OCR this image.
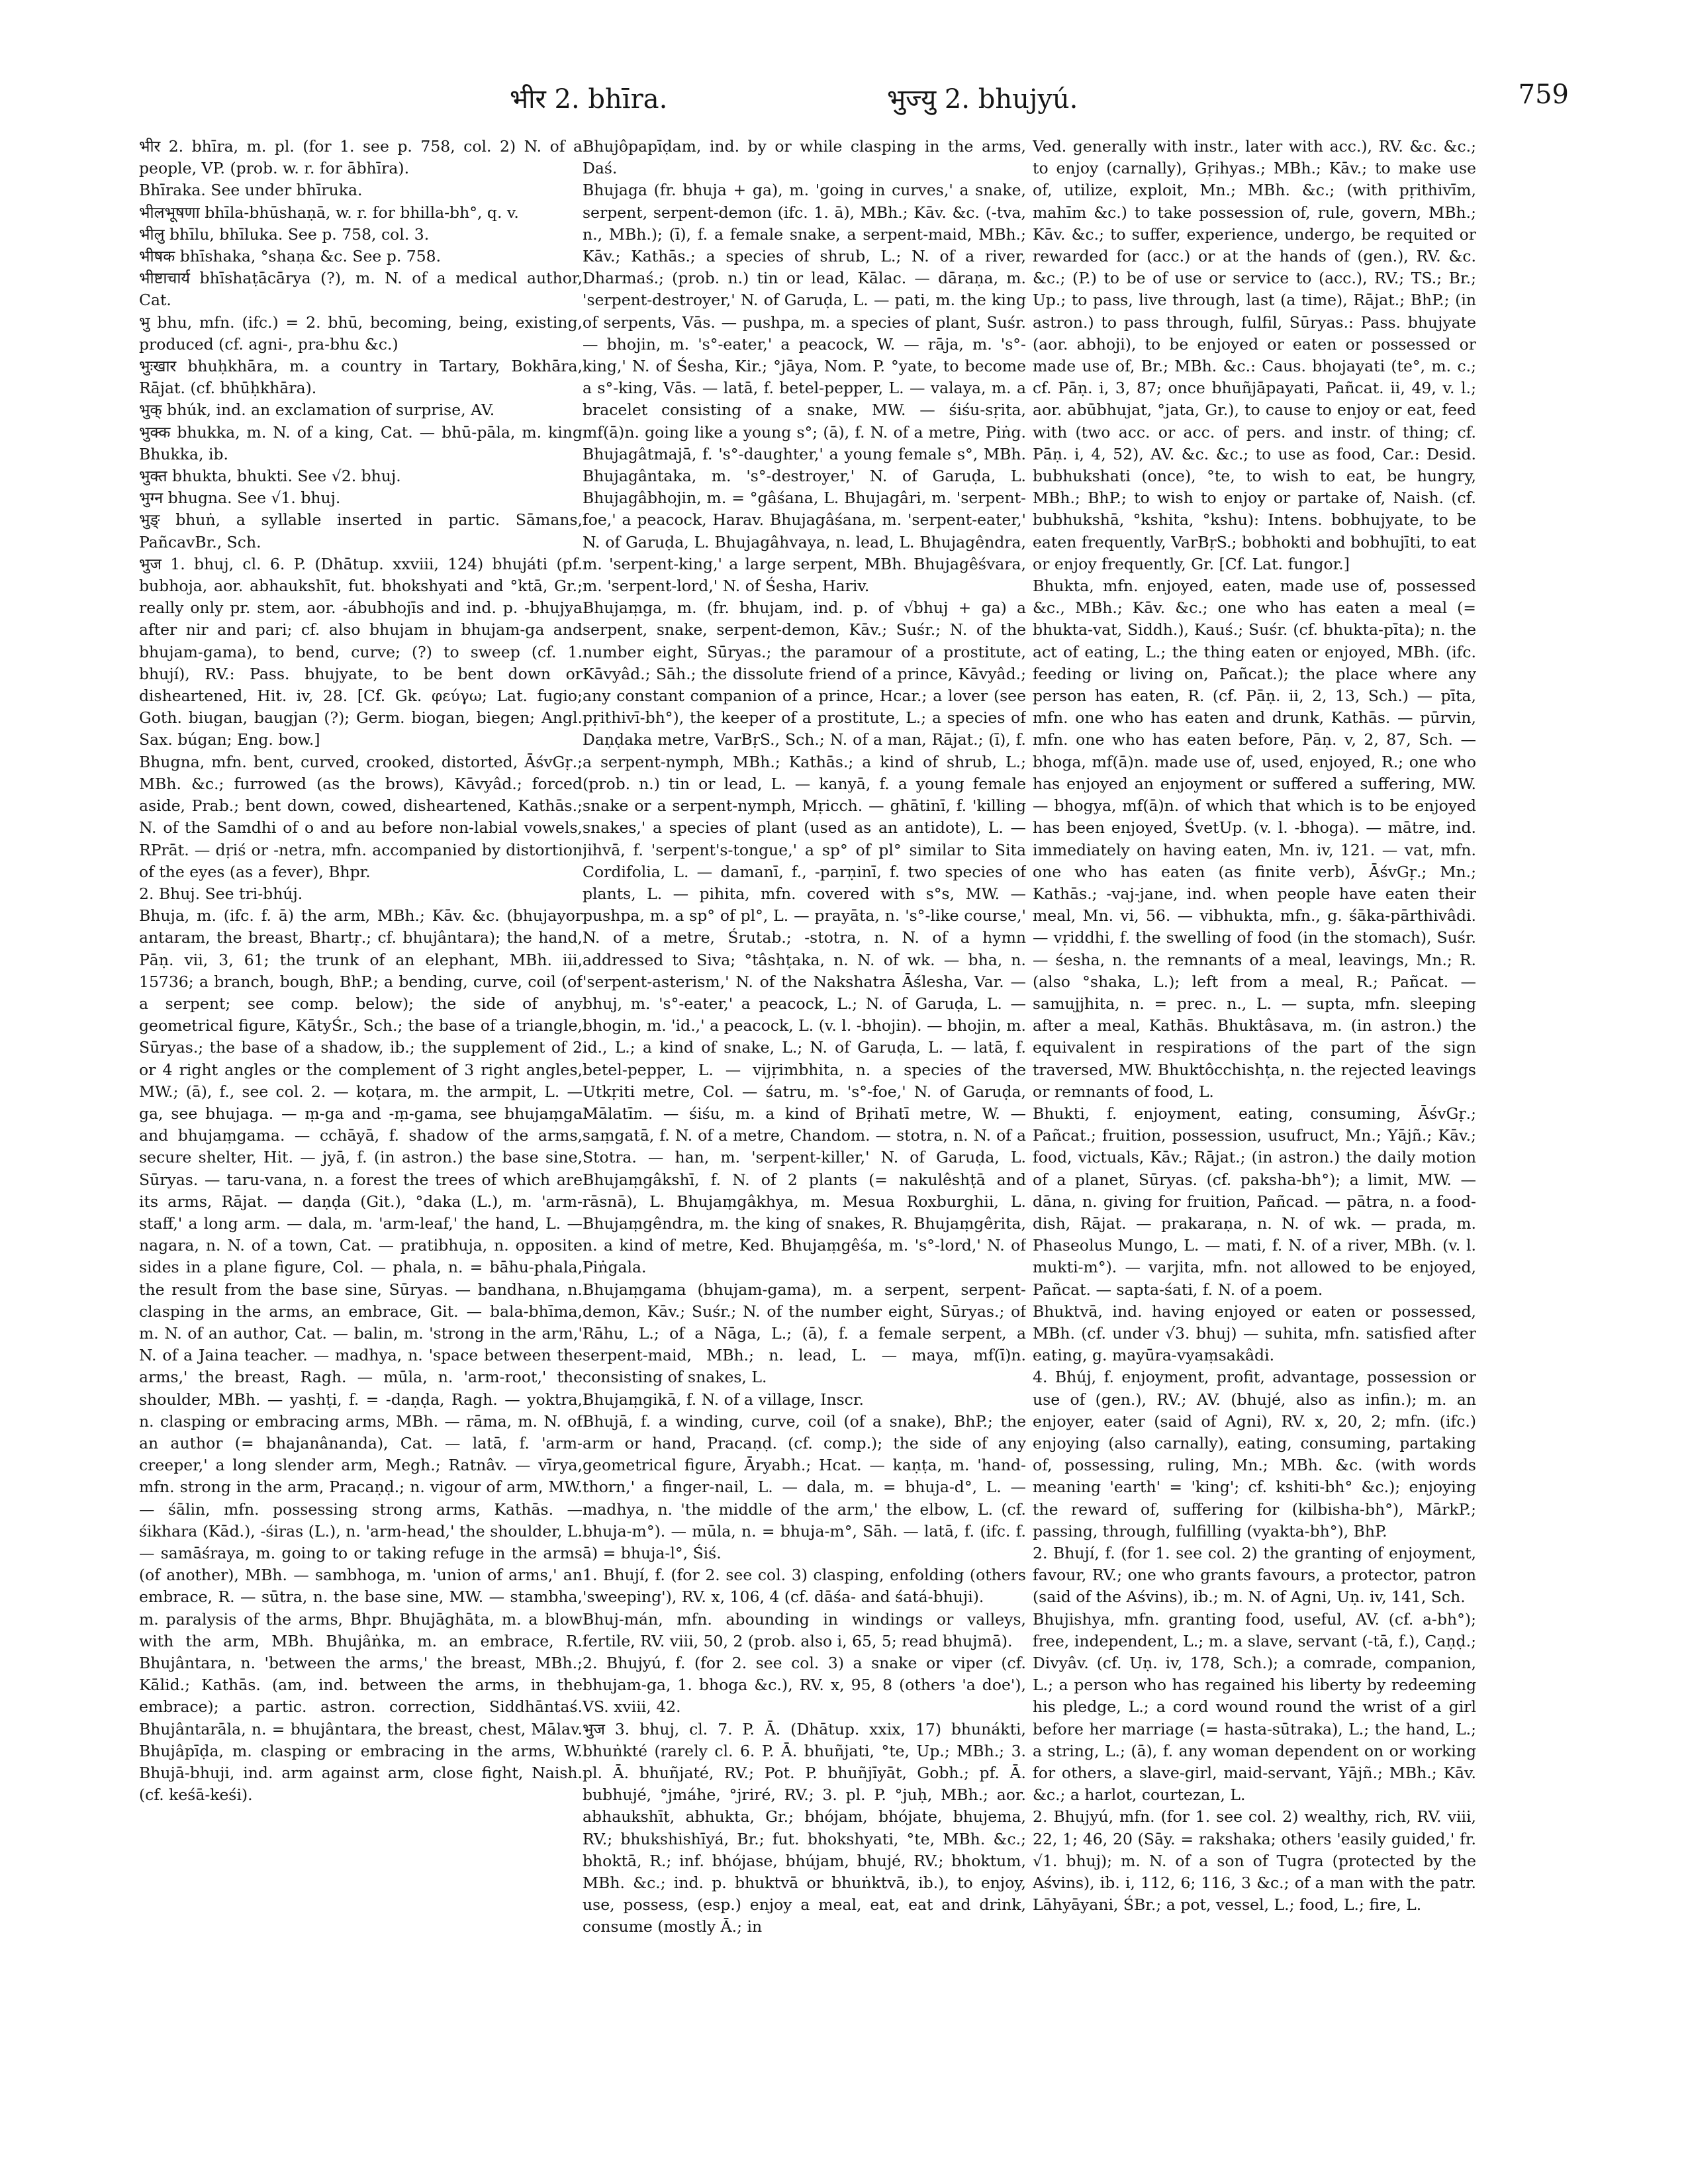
भीर 2. bhīra.	भुज्यु 2. bhujyú.	759

भीर 2. bhīra, m. pl. (for 1. see p. 758, col. 2) N. of a people, VP. (prob. w. r. for ābhīra).

Bhīraka. See under bhīruka.

भीलभूषणा bhīla-bhūshaṇā, w. r. for bhilla-bh°, q. v.

भीलु bhīlu, bhīluka. See p. 758, col. 3.

भीषक bhīshaka, °shaṇa &c. See p. 758.

भीष्टाचार्य bhīshaṭācārya (?), m. N. of a medical author, Cat.

भु bhu, mfn. (ifc.) = 2. bhū, becoming, being, existing, produced (cf. agni-, pra-bhu &c.)

भुःखार bhuḥkhāra, m. a country in Tartary, Bokhāra, Rājat. (cf. bhūḥkhāra).

भुक् bhúk, ind. an exclamation of surprise, AV.

भुक्क bhukka, m. N. of a king, Cat. — bhū-pāla, m. king Bhukka, ib.

भुक्त bhukta, bhukti. See √2. bhuj.

भुग्न bhugna. See √1. bhuj.

भुङ् bhuṅ, a syllable inserted in partic. Sāmans, PañcavBr., Sch.

भुज 1. bhuj, cl. 6. P. (Dhātup. xxviii, 124) bhujáti (pf. bubhoja, aor. abhaukshīt, fut. bhokshyati and °ktā, Gr.; really only pr. stem, aor. -ábubhojīs and ind. p. -bhujya after nir and pari; cf. also bhujam in bhujam-ga and bhujam-gama), to bend, curve; (?) to sweep (cf. 1. bhují), RV.: Pass. bhujyate, to be bent down or disheartened, Hit. iv, 28. [Cf. Gk. φεύγω; Lat. fugio; Goth. biugan, baugjan (?); Germ. biogan, biegen; Angl. Sax. búgan; Eng. bow.]

Bhugna, mfn. bent, curved, crooked, distorted, ĀśvGṛ.; MBh. &c.; furrowed (as the brows), Kāvyâd.; forced aside, Prab.; bent down, cowed, disheartened, Kathās.; N. of the Samdhi of o and au before non-labial vowels, RPrāt. — dṛiś or -netra, mfn. accompanied by distortion of the eyes (as a fever), Bhpr.

2. Bhuj. See tri-bhúj.

Bhuja, m. (ifc. f. ā) the arm, MBh.; Kāv. &c. (bhujayor antaram, the breast, Bhartṛ.; cf. bhujântara); the hand, Pāṇ. vii, 3, 61; the trunk of an elephant, MBh. iii, 15736; a branch, bough, BhP.; a bending, curve, coil (of a serpent; see comp. below); the side of any geometrical figure, KātyŚr., Sch.; the base of a triangle, Sūryas.; the base of a shadow, ib.; the supplement of 2 or 4 right angles or the complement of 3 right angles, MW.; (ā), f., see col. 2. — koṭara, m. the armpit, L. — ga, see bhujaga. — ṃ-ga and -ṃ-gama, see bhujaṃga and bhujaṃgama. — cchāyā, f. shadow of the arms, secure shelter, Hit. — jyā, f. (in astron.) the base sine, Sūryas. — taru-vana, n. a forest the trees of which are its arms, Rājat. — daṇḍa (Git.), °daka (L.), m. 'arm-staff,' a long arm. — dala, m. 'arm-leaf,' the hand, L. — nagara, n. N. of a town, Cat. — pratibhuja, n. opposite sides in a plane figure, Col. — phala, n. = bāhu-phala, the result from the base sine, Sūryas. — bandhana, n. clasping in the arms, an embrace, Git. — bala-bhīma, m. N. of an author, Cat. — balin, m. 'strong in the arm,' N. of a Jaina teacher. — madhya, n. 'space between the arms,' the breast, Ragh. — mūla, n. 'arm-root,' the shoulder, MBh. — yashṭi, f. = -daṇḍa, Ragh. — yoktra, n. clasping or embracing arms, MBh. — rāma, m. N. of an author (= bhajanânanda), Cat. — latā, f. 'arm-creeper,' a long slender arm, Megh.; Ratnâv. — vīrya, mfn. strong in the arm, Pracaṇḍ.; n. vigour of arm, MW. — śālin, mfn. possessing strong arms, Kathās. — śikhara (Kād.), -śiras (L.), n. 'arm-head,' the shoulder, L. — samāśraya, m. going to or taking refuge in the arms (of another), MBh. — sambhoga, m. 'union of arms,' an embrace, R. — sūtra, n. the base sine, MW. — stambha, m. paralysis of the arms, Bhpr. Bhujāghāta, m. a blow with the arm, MBh. Bhujâṅka, m. an embrace, R. Bhujântara, n. 'between the arms,' the breast, MBh.; Kālid.; Kathās. (am, ind. between the arms, in the embrace); a partic. astron. correction, Siddhāntaś. Bhujântarāla, n. = bhujântara, the breast, chest, Mālav. Bhujâpīḍa, m. clasping or embracing in the arms, W. Bhujā-bhuji, ind. arm against arm, close fight, Naish. (cf. keśā-keśi).

Bhujôpapīḍam, ind. by or while clasping in the arms, Daś.

Bhujaga (fr. bhuja + ga), m. 'going in curves,' a snake, serpent, serpent-demon (ifc. 1. ā), MBh.; Kāv. &c. (-tva, n., MBh.); (ī), f. a female snake, a serpent-maid, MBh.; Kāv.; Kathās.; a species of shrub, L.; N. of a river, Dharmaś.; (prob. n.) tin or lead, Kālac. — dāraṇa, m. 'serpent-destroyer,' N. of Garuḍa, L. — pati, m. the king of serpents, Vās. — pushpa, m. a species of plant, Suśr. — bhojin, m. 's°-eater,' a peacock, W. — rāja, m. 's°-king,' N. of Śesha, Kir.; °jāya, Nom. P. °yate, to become a s°-king, Vās. — latā, f. betel-pepper, L. — valaya, m. a bracelet consisting of a snake, MW. — śiśu-sṛita, mf(ā)n. going like a young s°; (ā), f. N. of a metre, Piṅg. Bhujagâtmajā, f. 's°-daughter,' a young female s°, MBh. Bhujagântaka, m. 's°-destroyer,' N. of Garuḍa, L. Bhujagâbhojin, m. = °gâśana, L. Bhujagâri, m. 'serpent-foe,' a peacock, Harav. Bhujagâśana, m. 'serpent-eater,' N. of Garuḍa, L. Bhujagâhvaya, n. lead, L. Bhujagêndra, m. 'serpent-king,' a large serpent, MBh. Bhujagêśvara, m. 'serpent-lord,' N. of Śesha, Hariv.

Bhujaṃga, m. (fr. bhujam, ind. p. of √bhuj + ga) a serpent, snake, serpent-demon, Kāv.; Suśr.; N. of the number eight, Sūryas.; the paramour of a prostitute, Kāvyâd.; Sāh.; the dissolute friend of a prince, Kāvyâd.; any constant companion of a prince, Hcar.; a lover (see pṛithivī-bh°), the keeper of a prostitute, L.; a species of Daṇḍaka metre, VarBṛS., Sch.; N. of a man, Rājat.; (ī), f. a serpent-nymph, MBh.; Kathās.; a kind of shrub, L.; (prob. n.) tin or lead, L. — kanyā, f. a young female snake or a serpent-nymph, Mṛicch. — ghātinī, f. 'killing snakes,' a species of plant (used as an antidote), L. — jihvā, f. 'serpent's-tongue,' a sp° of pl° similar to Sita Cordifolia, L. — damanī, f., -parṇinī, f. two species of plants, L. — pihita, mfn. covered with s°s, MW. — pushpa, m. a sp° of pl°, L. — prayāta, n. 's°-like course,' N. of a metre, Śrutab.; -stotra, n. N. of a hymn addressed to Siva; °tâshṭaka, n. N. of wk. — bha, n. 'serpent-asterism,' N. of the Nakshatra Āślesha, Var. — bhuj, m. 's°-eater,' a peacock, L.; N. of Garuḍa, L. — bhogin, m. 'id.,' a peacock, L. (v. l. -bhojin). — bhojin, m. id., L.; a kind of snake, L.; N. of Garuḍa, L. — latā, f. betel-pepper, L. — vijṛimbhita, n. a species of the Utkṛiti metre, Col. — śatru, m. 's°-foe,' N. of Garuḍa, Mālatīm. — śiśu, m. a kind of Bṛihatī metre, W. — saṃgatā, f. N. of a metre, Chandom. — stotra, n. N. of a Stotra. — han, m. 'serpent-killer,' N. of Garuḍa, L. Bhujaṃgâkshī, f. N. of 2 plants (= nakulêshṭā and rāsnā), L. Bhujaṃgâkhya, m. Mesua Roxburghii, L. Bhujaṃgêndra, m. the king of snakes, R. Bhujaṃgêrita, n. a kind of metre, Ked. Bhujaṃgêśa, m. 's°-lord,' N. of Piṅgala.

Bhujaṃgama (bhujam-gama), m. a serpent, serpent-demon, Kāv.; Suśr.; N. of the number eight, Sūryas.; of Rāhu, L.; of a Nāga, L.; (ā), f. a female serpent, a serpent-maid, MBh.; n. lead, L. — maya, mf(ī)n. consisting of snakes, L.

Bhujaṃgikā, f. N. of a village, Inscr.

Bhujā, f. a winding, curve, coil (of a snake), BhP.; the arm or hand, Pracaṇḍ. (cf. comp.); the side of any geometrical figure, Āryabh.; Hcat. — kaṇṭa, m. 'hand-thorn,' a finger-nail, L. — dala, m. = bhuja-d°, L. — madhya, n. 'the middle of the arm,' the elbow, L. (cf. bhuja-m°). — mūla, n. = bhuja-m°, Sāh. — latā, f. (ifc. f. ā) = bhuja-l°, Śiś.

1. Bhují, f. (for 2. see col. 3) clasping, enfolding (others 'sweeping'), RV. x, 106, 4 (cf. dāśa- and śatá-bhuji).

Bhuj-mán, mfn. abounding in windings or valleys, fertile, RV. viii, 50, 2 (prob. also i, 65, 5; read bhujmā).

2. Bhujyú, f. (for 2. see col. 3) a snake or viper (cf. bhujam-ga, 1. bhoga &c.), RV. x, 95, 8 (others 'a doe'), VS. xviii, 42.

भुज 3. bhuj, cl. 7. P. Ā. (Dhātup. xxix, 17) bhunákti, bhuṅkté (rarely cl. 6. P. Ā. bhuñjati, °te, Up.; MBh.; 3. pl. Ā. bhuñjaté, RV.; Pot. P. bhuñjīyāt, Gobh.; pf. Ā. bubhujé, °jmáhe, °jriré, RV.; 3. pl. P. °juḥ, MBh.; aor. abhaukshīt, abhukta, Gr.; bhójam, bhójate, bhujema, RV.; bhukshishīyá, Br.; fut. bhokshyati, °te, MBh. &c.; bhoktā, R.; inf. bhójase, bhújam, bhujé, RV.; bhoktum, MBh. &c.; ind. p. bhuktvā or bhuṅktvā, ib.), to enjoy, use, possess, (esp.) enjoy a meal, eat, eat and drink, consume (mostly Ā.; in

Ved. generally with instr., later with acc.), RV. &c. &c.; to enjoy (carnally), Gṛihyas.; MBh.; Kāv.; to make use of, utilize, exploit, Mn.; MBh. &c.; (with pṛithivīm, mahīm &c.) to take possession of, rule, govern, MBh.; Kāv. &c.; to suffer, experience, undergo, be requited or rewarded for (acc.) or at the hands of (gen.), RV. &c. &c.; (P.) to be of use or service to (acc.), RV.; TS.; Br.; Up.; to pass, live through, last (a time), Rājat.; BhP.; (in astron.) to pass through, fulfil, Sūryas.: Pass. bhujyate (aor. abhoji), to be enjoyed or eaten or possessed or made use of, Br.; MBh. &c.: Caus. bhojayati (te°, m. c.; cf. Pāṇ. i, 3, 87; once bhuñjāpayati, Pañcat. ii, 49, v. l.; aor. abūbhujat, °jata, Gr.), to cause to enjoy or eat, feed with (two acc. or acc. of pers. and instr. of thing; cf. Pāṇ. i, 4, 52), AV. &c. &c.; to use as food, Car.: Desid. bubhukshati (once), °te, to wish to eat, be hungry, MBh.; BhP.; to wish to enjoy or partake of, Naish. (cf. bubhukshā, °kshita, °kshu): Intens. bobhujyate, to be eaten frequently, VarBṛS.; bobhokti and bobhujīti, to eat or enjoy frequently, Gr. [Cf. Lat. fungor.]

Bhukta, mfn. enjoyed, eaten, made use of, possessed &c., MBh.; Kāv. &c.; one who has eaten a meal (= bhukta-vat, Siddh.), Kauś.; Suśr. (cf. bhukta-pīta); n. the act of eating, L.; the thing eaten or enjoyed, MBh. (ifc. feeding or living on, Pañcat.); the place where any person has eaten, R. (cf. Pāṇ. ii, 2, 13, Sch.) — pīta, mfn. one who has eaten and drunk, Kathās. — pūrvin, mfn. one who has eaten before, Pāṇ. v, 2, 87, Sch. — bhoga, mf(ā)n. made use of, used, enjoyed, R.; one who has enjoyed an enjoyment or suffered a suffering, MW. — bhogya, mf(ā)n. of which that which is to be enjoyed has been enjoyed, ŚvetUp. (v. l. -bhoga). — mātre, ind. immediately on having eaten, Mn. iv, 121. — vat, mfn. one who has eaten (as finite verb), ĀśvGṛ.; Mn.; Kathās.; -vaj-jane, ind. when people have eaten their meal, Mn. vi, 56. — vibhukta, mfn., g. śāka-pārthivâdi. — vṛiddhi, f. the swelling of food (in the stomach), Suśr. — śesha, n. the remnants of a meal, leavings, Mn.; R. (also °shaka, L.); left from a meal, R.; Pañcat. — samujjhita, n. = prec. n., L. — supta, mfn. sleeping after a meal, Kathās. Bhuktâsava, m. (in astron.) the equivalent in respirations of the part of the sign traversed, MW. Bhuktôcchishṭa, n. the rejected leavings or remnants of food, L.

Bhukti, f. enjoyment, eating, consuming, ĀśvGṛ.; Pañcat.; fruition, possession, usufruct, Mn.; Yājñ.; Kāv.; food, victuals, Kāv.; Rājat.; (in astron.) the daily motion of a planet, Sūryas. (cf. paksha-bh°); a limit, MW. — dāna, n. giving for fruition, Pañcad. — pātra, n. a food-dish, Rājat. — prakaraṇa, n. N. of wk. — prada, m. Phaseolus Mungo, L. — mati, f. N. of a river, MBh. (v. l. mukti-m°). — varjita, mfn. not allowed to be enjoyed, Pañcat. — sapta-śati, f. N. of a poem.

Bhuktvā, ind. having enjoyed or eaten or possessed, MBh. (cf. under √3. bhuj) — suhita, mfn. satisfied after eating, g. mayūra-vyaṃsakâdi.

4. Bhúj, f. enjoyment, profit, advantage, possession or use of (gen.), RV.; AV. (bhujé, also as infin.); m. an enjoyer, eater (said of Agni), RV. x, 20, 2; mfn. (ifc.) enjoying (also carnally), eating, consuming, partaking of, possessing, ruling, Mn.; MBh. &c. (with words meaning 'earth' = 'king'; cf. kshiti-bh° &c.); enjoying the reward of, suffering for (kilbisha-bh°), MārkP.; passing, through, fulfilling (vyakta-bh°), BhP.

2. Bhují, f. (for 1. see col. 2) the granting of enjoyment, favour, RV.; one who grants favours, a protector, patron (said of the Aśvins), ib.; m. N. of Agni, Uṇ. iv, 141, Sch.

Bhujishya, mfn. granting food, useful, AV. (cf. a-bh°); free, independent, L.; m. a slave, servant (-tā, f.), Caṇḍ.; Divyâv. (cf. Uṇ. iv, 178, Sch.); a comrade, companion, L.; a person who has regained his liberty by redeeming his pledge, L.; a cord wound round the wrist of a girl before her marriage (= hasta-sūtraka), L.; the hand, L.; a string, L.; (ā), f. any woman dependent on or working for others, a slave-girl, maid-servant, Yājñ.; MBh.; Kāv. &c.; a harlot, courtezan, L.

2. Bhujyú, mfn. (for 1. see col. 2) wealthy, rich, RV. viii, 22, 1; 46, 20 (Sāy. = rakshaka; others 'easily guided,' fr. √1. bhuj); m. N. of a son of Tugra (protected by the Aśvins), ib. i, 112, 6; 116, 3 &c.; of a man with the patr. Lāhyāyani, ŚBr.; a pot, vessel, L.; food, L.; fire, L.
